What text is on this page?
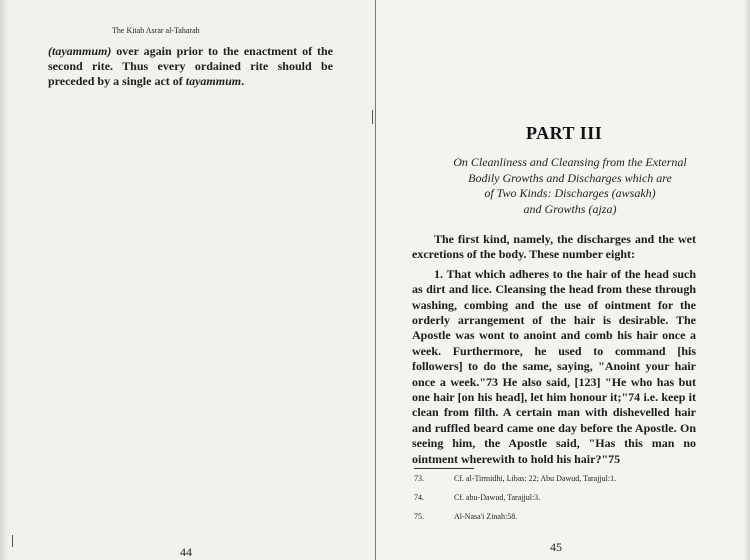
The Kitab Asrar al-Taharah

(tayammum) over again prior to the enactment of the second rite. Thus every ordained rite should be preceded by a single act of tayammum.

44
PART III
On Cleanliness and Cleansing from the External
Bodily Growths and Discharges which are
of Two Kinds: Discharges (awsakh)
and Growths (ajza)

The first kind, namely, the discharges and the wet excretions of the body. These number eight:

1. That which adheres to the hair of the head such as dirt and lice. Cleansing the head from these through washing, combing and the use of ointment for the orderly arrangement of the hair is desirable. The Apostle was wont to anoint and comb his hair once a week. Furthermore, he used to command [his followers] to do the same, saying, "Anoint your hair once a week."73 He also said, [123] "He who has but one hair [on his head], let him honour it;"74 i.e. keep it clean from filth. A certain man with dishevelled hair and ruffled beard came one day before the Apostle. On seeing him, the Apostle said, "Has this man no ointment wherewith to hold his hair?"75

73.	Cf. al-Tirmidhi, Libas: 22; Abu Dawud, Tarajjul:1.
74.	Cf. abu-Dawud, Tarajjul:3.
75.	Al-Nasa'i Zinah:58.
45
